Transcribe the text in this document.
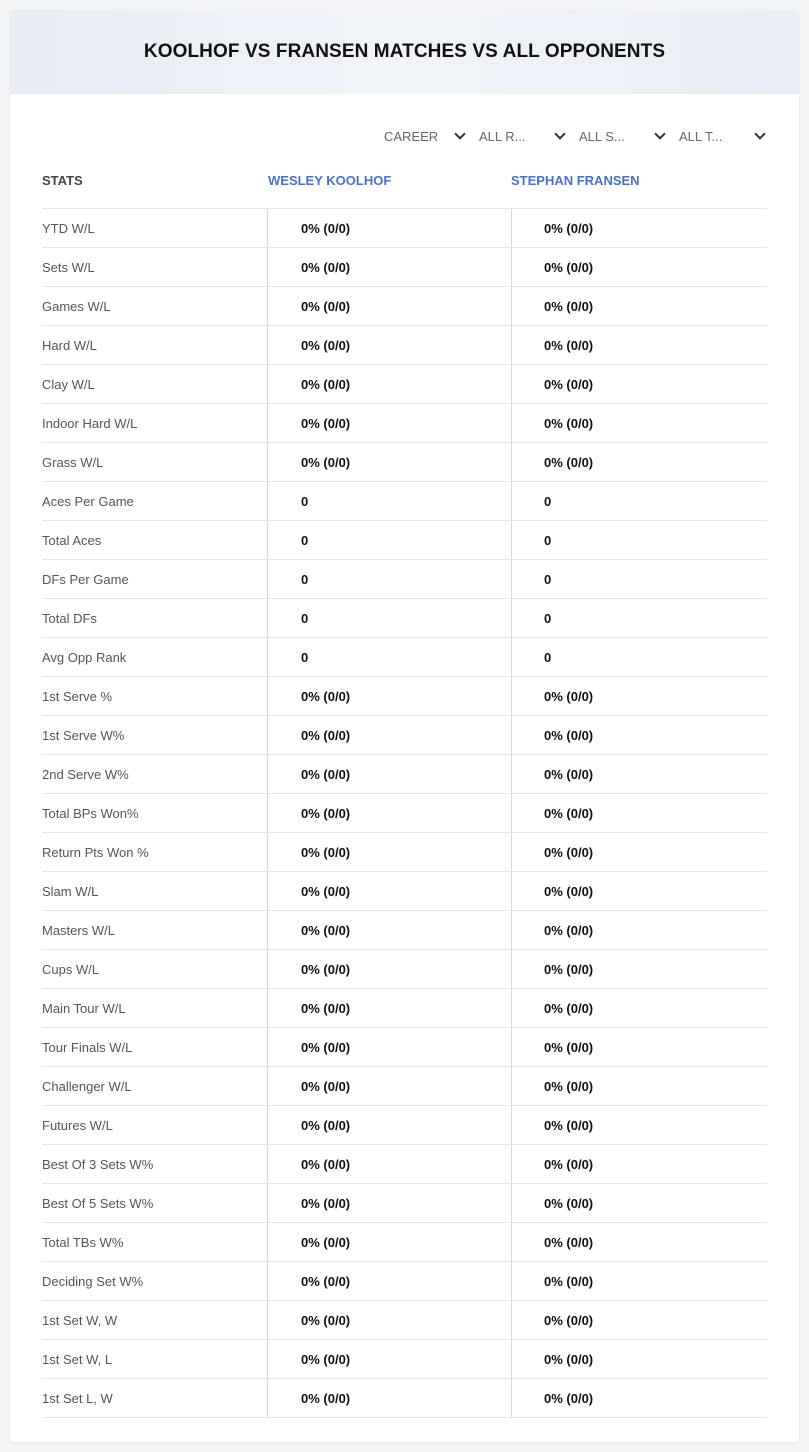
KOOLHOF VS FRANSEN MATCHES VS ALL OPPONENTS
CAREER	ALL R...	ALL S...	ALL T...
STATS	WESLEY KOOLHOF	STEPHAN FRANSEN
YTD W/L	0% (0/0)	0% (0/0)
Sets W/L	0% (0/0)	0% (0/0)
Games W/L	0% (0/0)	0% (0/0)
Hard W/L	0% (0/0)	0% (0/0)
Clay W/L	0% (0/0)	0% (0/0)
Indoor Hard W/L	0% (0/0)	0% (0/0)
Grass W/L	0% (0/0)	0% (0/0)
Aces Per Game	0	0
Total Aces	0	0
DFs Per Game	0	0
Total DFs	0	0
Avg Opp Rank	0	0
1st Serve %	0% (0/0)	0% (0/0)
1st Serve W%	0% (0/0)	0% (0/0)
2nd Serve W%	0% (0/0)	0% (0/0)
Total BPs Won%	0% (0/0)	0% (0/0)
Return Pts Won %	0% (0/0)	0% (0/0)
Slam W/L	0% (0/0)	0% (0/0)
Masters W/L	0% (0/0)	0% (0/0)
Cups W/L	0% (0/0)	0% (0/0)
Main Tour W/L	0% (0/0)	0% (0/0)
Tour Finals W/L	0% (0/0)	0% (0/0)
Challenger W/L	0% (0/0)	0% (0/0)
Futures W/L	0% (0/0)	0% (0/0)
Best Of 3 Sets W%	0% (0/0)	0% (0/0)
Best Of 5 Sets W%	0% (0/0)	0% (0/0)
Total TBs W%	0% (0/0)	0% (0/0)
Deciding Set W%	0% (0/0)	0% (0/0)
1st Set W, W	0% (0/0)	0% (0/0)
1st Set W, L	0% (0/0)	0% (0/0)
1st Set L, W	0% (0/0)	0% (0/0)
